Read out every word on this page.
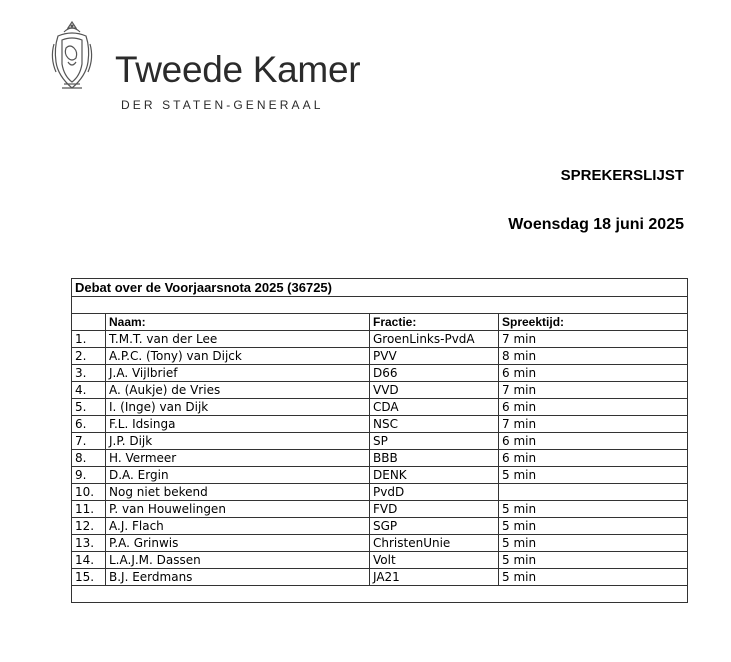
Tweede Kamer
DER STATEN-GENERAAL
SPREKERSLIJST
Woensdag 18 juni 2025
Debat over de Voorjaarsnota 2025 (36725)			

	Naam:	Fractie:	Spreektijd:
1.	T.M.T. van der Lee	GroenLinks-PvdA	7 min
2.	A.P.C. (Tony) van Dijck	PVV	8 min
3.	J.A. Vijlbrief	D66	6 min
4.	A. (Aukje) de Vries	VVD	7 min
5.	I. (Inge) van Dijk	CDA	6 min
6.	F.L. Idsinga	NSC	7 min
7.	J.P. Dijk	SP	6 min
8.	H. Vermeer	BBB	6 min
9.	D.A. Ergin	DENK	5 min
10.	Nog niet bekend	PvdD	
11.	P. van Houwelingen	FVD	5 min
12.	A.J. Flach	SGP	5 min
13.	P.A. Grinwis	ChristenUnie	5 min
14.	L.A.J.M. Dassen	Volt	5 min
15.	B.J. Eerdmans	JA21	5 min
